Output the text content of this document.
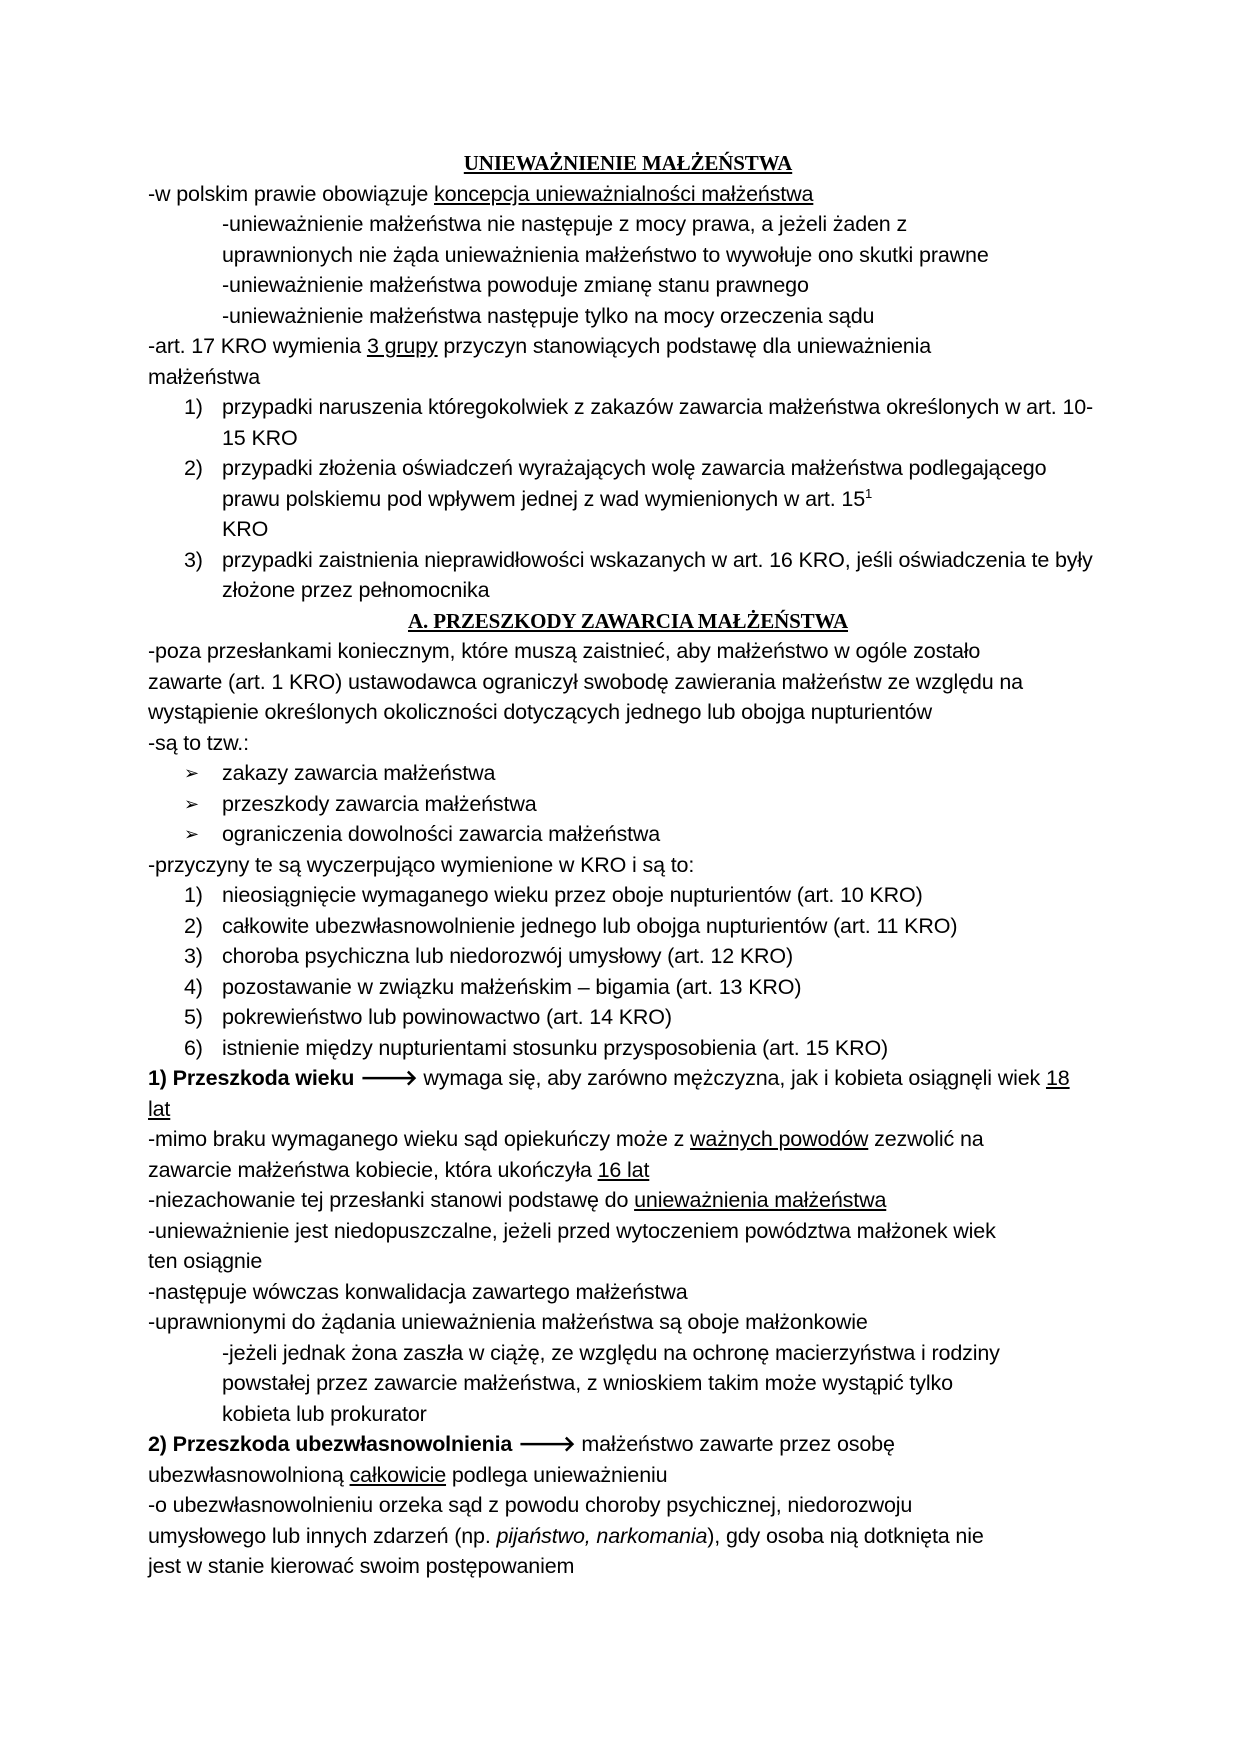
UNIEWAŻNIENIE MAŁŻEŃSTWA
-w polskim prawie obowiązuje koncepcja unieważnialności małżeństwa
-unieważnienie małżeństwa nie następuje z mocy prawa, a jeżeli żaden z
uprawnionych nie żąda unieważnienia małżeństwo to wywołuje ono skutki prawne
-unieważnienie małżeństwa powoduje zmianę stanu prawnego
-unieważnienie małżeństwa następuje tylko na mocy orzeczenia sądu
-art. 17 KRO wymienia 3 grupy przyczyn stanowiących podstawę dla unieważnienia
małżeństwa
1) przypadki naruszenia któregokolwiek z zakazów zawarcia małżeństwa określonych w art. 10-15 KRO
2) przypadki złożenia oświadczeń wyrażających wolę zawarcia małżeństwa podlegającego prawu polskiemu pod wpływem jednej z wad wymienionych w art. $15^1$
KRO
3) przypadki zaistnienia nieprawidłowości wskazanych w art. 16 KRO, jeśli oświadczenia te były złożone przez pełnomocnika
A. PRZESZKODY ZAWARCIA MAŁŻEŃSTWA
-poza przesłankami koniecznym, które muszą zaistnieć, aby małżeństwo w ogóle zostało
zawarte (art. 1 KRO) ustawodawca ograniczył swobodę zawierania małżeństw ze względu na
wystąpienie określonych okoliczności dotyczących jednego lub obojga nupturientów
-są to tzw.:
➢	zakazy zawarcia małżeństwa
➢	przeszkody zawarcia małżeństwa
➢	ograniczenia dowolności zawarcia małżeństwa
-przyczyny te są wyczerpująco wymienione w KRO i są to:
1) nieosiągnięcie wymaganego wieku przez oboje nupturientów (art. 10 KRO)
2) całkowite ubezwłasnowolnienie jednego lub obojga nupturientów (art. 11 KRO)
3) choroba psychiczna lub niedorozwój umysłowy (art. 12 KRO)
4) pozostawanie w związku małżeńskim – bigamia (art. 13 KRO)
5) pokrewieństwo lub powinowactwo (art. 14 KRO)
6) istnienie między nupturientami stosunku przysposobienia (art. 15 KRO)
1) Przeszkoda wieku 🡒 wymaga się, aby zarówno mężczyzna, jak i kobieta osiągnęli wiek 18
lat
-mimo braku wymaganego wieku sąd opiekuńczy może z ważnych powodów zezwolić na
zawarcie małżeństwa kobiecie, która ukończyła 16 lat
-niezachowanie tej przesłanki stanowi podstawę do unieważnienia małżeństwa
-unieważnienie jest niedopuszczalne, jeżeli przed wytoczeniem powództwa małżonek wiek
ten osiągnie
-następuje wówczas konwalidacja zawartego małżeństwa
-uprawnionymi do żądania unieważnienia małżeństwa są oboje małżonkowie
-jeżeli jednak żona zaszła w ciążę, ze względu na ochronę macierzyństwa i rodziny
powstałej przez zawarcie małżeństwa, z wnioskiem takim może wystąpić tylko
kobieta lub prokurator
2) Przeszkoda ubezwłasnowolnienia 🡒 małżeństwo zawarte przez osobę
ubezwłasnowolnioną całkowicie podlega unieważnieniu
-o ubezwłasnowolnieniu orzeka sąd z powodu choroby psychicznej, niedorozwoju
umysłowego lub innych zdarzeń (np. pijaństwo, narkomania), gdy osoba nią dotknięta nie
jest w stanie kierować swoim postępowaniem
